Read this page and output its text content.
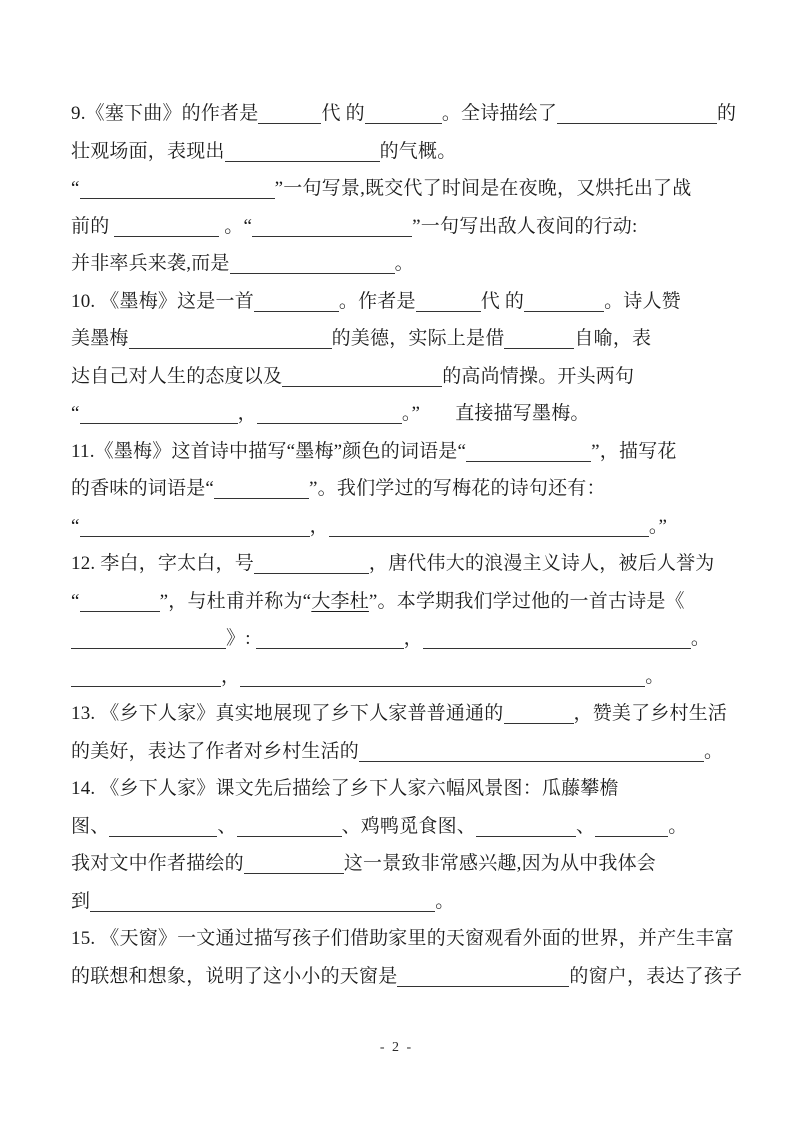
9.《塞下曲》的作者是	代 的	。全诗描绘了	的
壮观场面，表现出	的气概。
“	”一句写景,既交代了时间是在夜晚，又烘托出了战
前的	。“	”一句写出敌人夜间的行动:
并非率兵来袭,而是	。
10. 《墨梅》这是一首	。作者是	代 的	。诗人赞
美墨梅	的美德，实际上是借	自喻，表
达自己对人生的态度以及	的高尚情操。开头两句
“	，	。” 直接描写墨梅。
11.《墨梅》这首诗中描写“墨梅”颜色的词语是“	”，描写花
的香味的词语是“	”。我们学过的写梅花的诗句还有：
“	，	。”
12. 李白，字太白，号	，唐代伟大的浪漫主义诗人，被后人誉为
“	”，与杜甫并称为“大李杜”。本学期我们学过他的一首古诗是《
》:	，	。
，	。
13. 《乡下人家》真实地展现了乡下人家普普通通的	，赞美了乡村生活
的美好，表达了作者对乡村生活的	。
14. 《乡下人家》课文先后描绘了乡下人家六幅风景图：瓜藤攀檐
图、	、	、鸡鸭觅食图、	、	。
我对文中作者描绘的	这一景致非常感兴趣,因为从中我体会
到	。
15. 《天窗》一文通过描写孩子们借助家里的天窗观看外面的世界，并产生丰富
的联想和想象，说明了这小小的天窗是	的窗户，表达了孩子
- 2 -
